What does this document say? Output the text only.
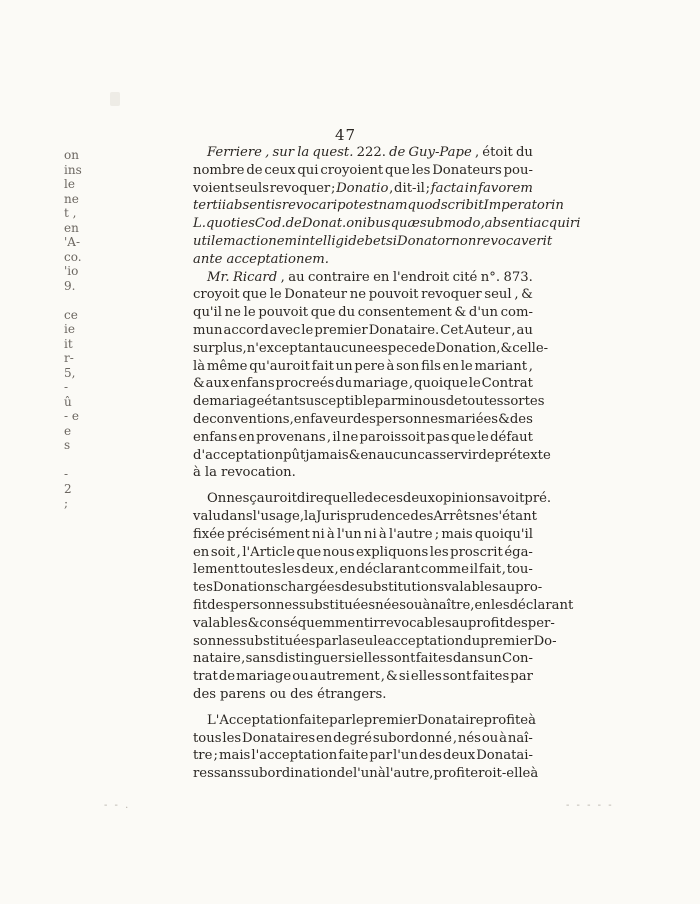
on
ins
le
ne
t ,
en
'A-
co.
'io
9.
ce
ie
it
r-
5,
-
û
- e
e
s
-
2
;
47
Ferriere , sur la quest. 222. de Guy-Pape , étoit du
nombre de ceux qui croyoient que les Donateurs pou-
voient seuls revoquer ; Donatio , dit-il ; facta in favorem
tertii absentis revocari potest nam quod scribit Imperator in
L. quoties Cod. de Donat.onibus quæ sub modo , absenti acquiri
utilem actionem intelligi debet si Donator non revocaverit
ante acceptationem.
Mr. Ricard , au contraire en l'endroit cité n°. 873.
croyoit que le Donateur ne pouvoit revoquer seul , &
qu'il ne le pouvoit que du consentement & d'un com-
mun accord avec le premier Donataire. Cet Auteur , au
surplus , n'exceptant aucune espece de Donation , & celle-
là même qu'auroit fait un pere à son fils en le mariant ,
& aux enfans procreés du mariage , quoique le Contrat
de mariage étant susceptible parmi nous de toutes sortes
de conventions , en faveur des personnes mariées & des
enfans en provenans , il ne paroissoit pas que le défaut
d'acceptation pût jamais & en aucun cas servir de prétexte
à la revocation.
On ne sçauroit dire quelle de ces deux opinions avoit pré.
valu dans l'usage , la Jurisprudence des Arrêts ne s'étant
fixée précisément ni à l'un ni à l'autre ; mais quoiqu'il
en soit , l'Article que nous expliquons les proscrit éga-
lement toutes les deux , en déclarant comme il fait , tou-
tes Donations chargées de substitutions valables au pro-
fit des personnes substituées nées ou à naître , en les déclarant
valables & conséquemment irrevocables au profit des per-
sonnes substituées par la seule acceptation du premier Do-
nataire , sans distinguer si elles sont faites dans un Con-
trat de mariage ou autrement , & si elles sont faites par
des parens ou des étrangers.
L'Acceptation faite par le premier Donataire profite à
tous les Donataires en degré subordonné , nés ou à naî-
tre ; mais l'acceptation faite par l'un des deux Donatai-
res sans subordination de l'un à l'autre , profiteroit-elle à
- - .	- - - - -
